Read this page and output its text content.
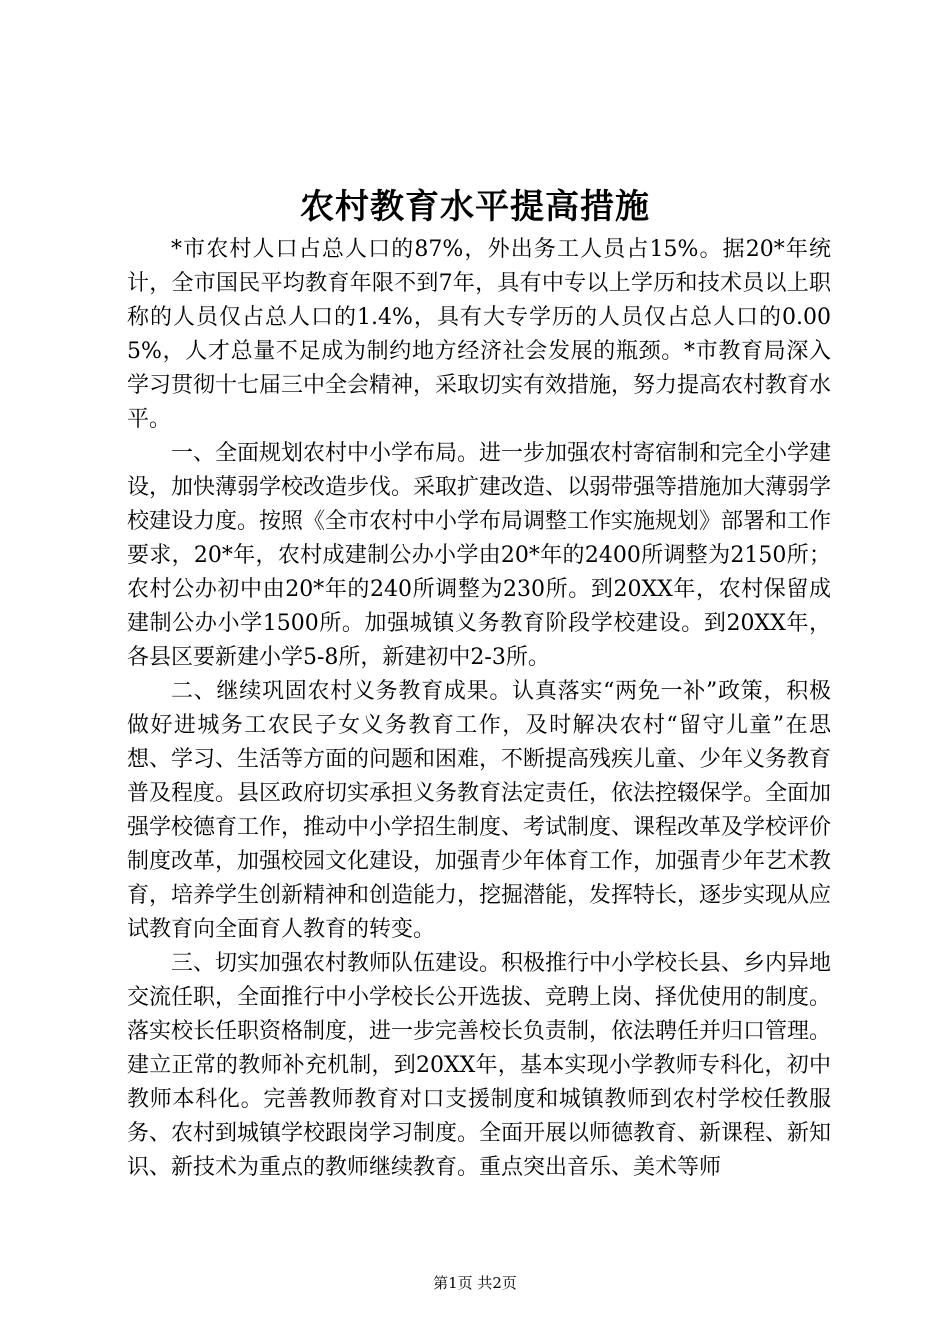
农村教育水平提高措施

*市农村人口占总人口的87%，外出务工人员占15%。据20*年统计，全市国民平均教育年限不到7年，具有中专以上学历和技术员以上职称的人员仅占总人口的1.4%，具有大专学历的人员仅占总人口的0.005%，人才总量不足成为制约地方经济社会发展的瓶颈。*市教育局深入学习贯彻十七届三中全会精神，采取切实有效措施，努力提高农村教育水平。

一、全面规划农村中小学布局。进一步加强农村寄宿制和完全小学建设，加快薄弱学校改造步伐。采取扩建改造、以弱带强等措施加大薄弱学校建设力度。按照《全市农村中小学布局调整工作实施规划》部署和工作要求，20*年，农村成建制公办小学由20*年的2400所调整为2150所；农村公办初中由20*年的240所调整为230所。到20XX年，农村保留成建制公办小学1500所。加强城镇义务教育阶段学校建设。到20XX年，各县区要新建小学5-8所，新建初中2-3所。

二、继续巩固农村义务教育成果。认真落实“两免一补”政策，积极做好进城务工农民子女义务教育工作，及时解决农村“留守儿童”在思想、学习、生活等方面的问题和困难，不断提高残疾儿童、少年义务教育普及程度。县区政府切实承担义务教育法定责任，依法控辍保学。全面加强学校德育工作，推动中小学招生制度、考试制度、课程改革及学校评价制度改革，加强校园文化建设，加强青少年体育工作，加强青少年艺术教育，培养学生创新精神和创造能力，挖掘潜能，发挥特长，逐步实现从应试教育向全面育人教育的转变。

三、切实加强农村教师队伍建设。积极推行中小学校长县、乡内异地交流任职，全面推行中小学校长公开选拔、竞聘上岗、择优使用的制度。落实校长任职资格制度，进一步完善校长负责制，依法聘任并归口管理。建立正常的教师补充机制，到20XX年，基本实现小学教师专科化，初中教师本科化。完善教师教育对口支援制度和城镇教师到农村学校任教服务、农村到城镇学校跟岗学习制度。全面开展以师德教育、新课程、新知识、新技术为重点的教师继续教育。重点突出音乐、美术等师

第1页 共2页
